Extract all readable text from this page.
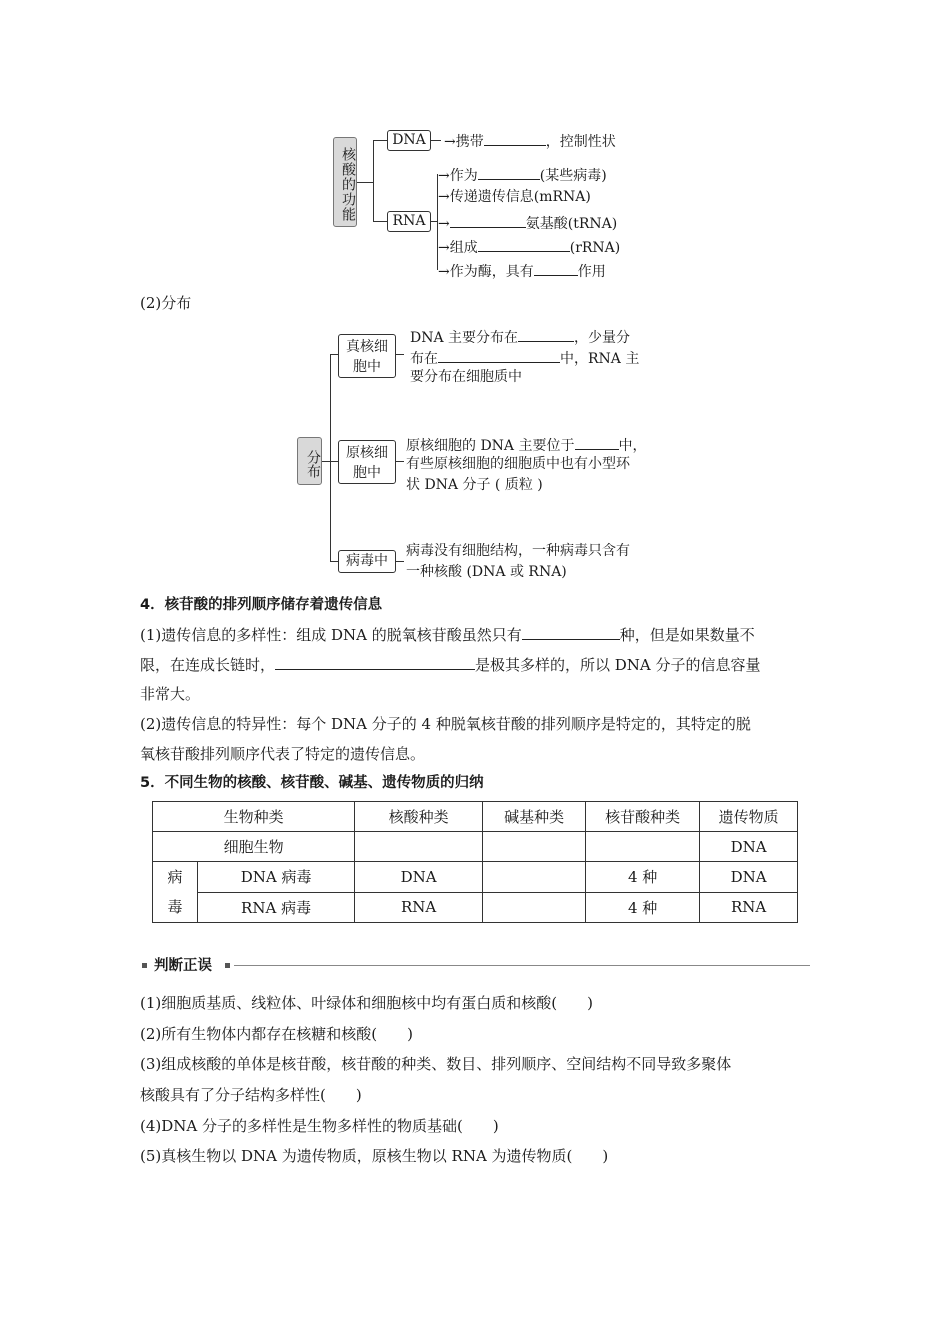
核酸的功能
DNA	→携带	，控制性状
RNA
→作为	(某些病毒)
→传递遗传信息(mRNA)
→	氨基酸(tRNA)
→组成	(rRNA)
→作为酶，具有	作用
(2)分布
分布
真核细胞中
DNA 主要分布在	，少量分
布在	中，RNA 主
要分布在细胞质中
原核细胞中
原核细胞的 DNA 主要位于	中，
有些原核细胞的细胞质中也有小型环
状 DNA 分子 ( 质粒 )
病毒中
病毒没有细胞结构，一种病毒只含有
一种核酸 (DNA 或 RNA)
4．核苷酸的排列顺序储存着遗传信息
(1)遗传信息的多样性：组成 DNA 的脱氧核苷酸虽然只有	种，但是如果数量不
限，在连成长链时，	是极其多样的，所以 DNA 分子的信息容量
非常大。
(2)遗传信息的特异性：每个 DNA 分子的 4 种脱氧核苷酸的排列顺序是特定的，其特定的脱
氧核苷酸排列顺序代表了特定的遗传信息。
5．不同生物的核酸、核苷酸、碱基、遗传物质的归纳
生物种类		核酸种类	碱基种类	核苷酸种类	遗传物质
细胞生物					DNA

病
毒	DNA 病毒	DNA		4 种	DNA
	RNA 病毒	RNA		4 种	RNA
判断正误
(1)细胞质基质、线粒体、叶绿体和细胞核中均有蛋白质和核酸(　　)
(2)所有生物体内都存在核糖和核酸(　　)
(3)组成核酸的单体是核苷酸，核苷酸的种类、数目、排列顺序、空间结构不同导致多聚体
核酸具有了分子结构多样性(　　)
(4)DNA 分子的多样性是生物多样性的物质基础(　　)
(5)真核生物以 DNA 为遗传物质，原核生物以 RNA 为遗传物质(　　)
